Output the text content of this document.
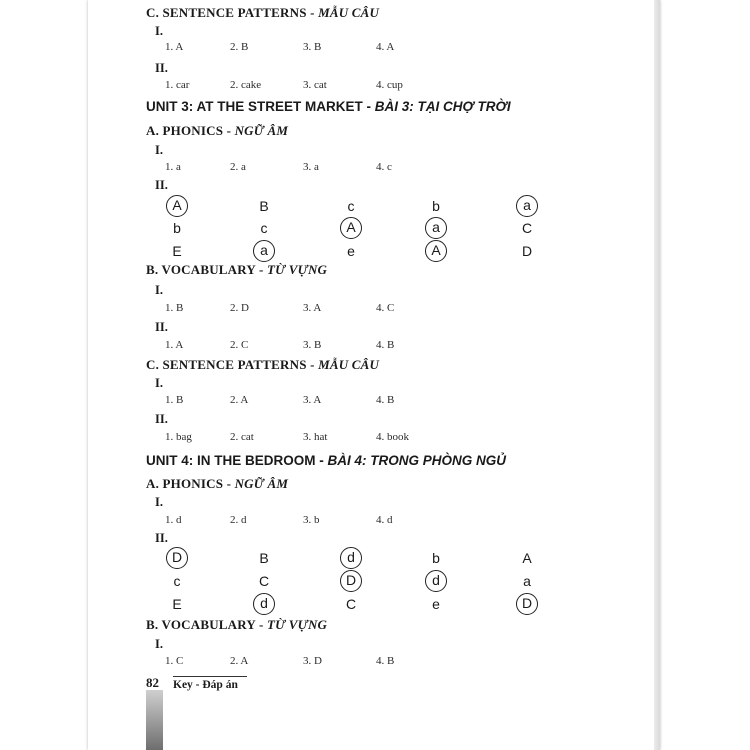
C. SENTENCE PATTERNS - MẪU CÂU
I.
1. A	2. B	3. B	4. A
II.
1. car	2. cake	3. cat	4. cup
UNIT 3: AT THE STREET MARKET - BÀI 3: TẠI CHỢ TRỜI
A. PHONICS - NGỮ ÂM
I.
1. a	2. a	3. a	4. c
II.
A	B	c	b	a
b	c	A	a	C
E	a	e	A	D
B. VOCABULARY - TỪ VỰNG
I.
1. B	2. D	3. A	4. C
II.
1. A	2. C	3. B	4. B
C. SENTENCE PATTERNS - MẪU CÂU
I.
1. B	2. A	3. A	4. B
II.
1. bag	2. cat	3. hat	4. book
UNIT 4: IN THE BEDROOM - BÀI 4: TRONG PHÒNG NGỦ
A. PHONICS - NGỮ ÂM
I.
1. d	2. d	3. b	4. d
II.
D	B	d	b	A
c	C	D	d	a
E	d	C	e	D
B. VOCABULARY - TỪ VỰNG
I.
1. C	2. A	3. D	4. B
82 Key - Đáp án
